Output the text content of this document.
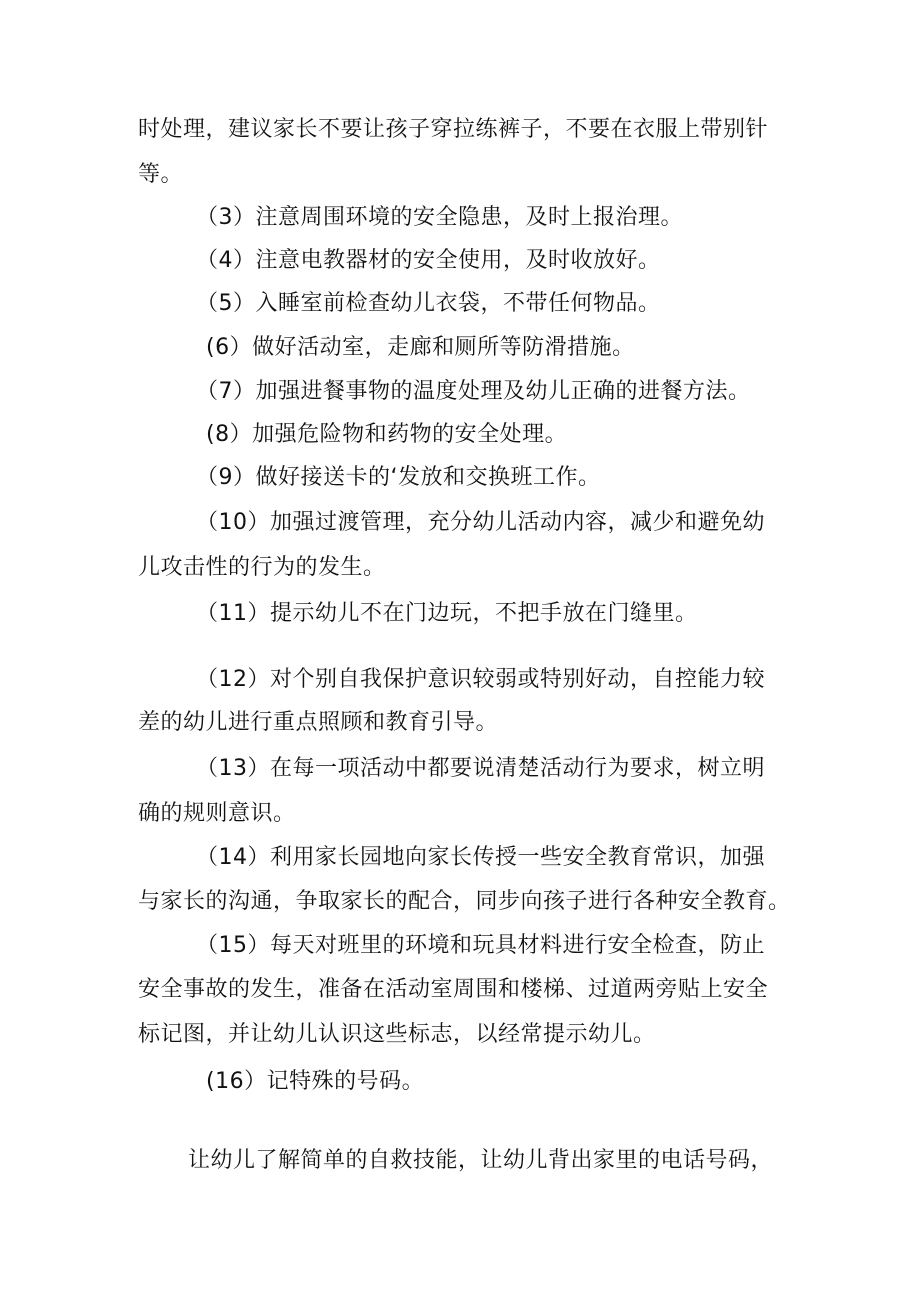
时处理，建议家长不要让孩子穿拉练裤子，不要在衣服上带别针

等。

（3）注意周围环境的安全隐患，及时上报治理。

（4）注意电教器材的安全使用，及时收放好。

（5）入睡室前检查幼儿衣袋，不带任何物品。

(6）做好活动室，走廊和厕所等防滑措施。

（7）加强进餐事物的温度处理及幼儿正确的进餐方法。

(8）加强危险物和药物的安全处理。

（9）做好接送卡的‘发放和交换班工作。

（10）加强过渡管理，充分幼儿活动内容，减少和避免幼

儿攻击性的行为的发生。

（11）提示幼儿不在门边玩，不把手放在门缝里。

（12）对个别自我保护意识较弱或特别好动，自控能力较

差的幼儿进行重点照顾和教育引导。

（13）在每一项活动中都要说清楚活动行为要求，树立明

确的规则意识。

（14）利用家长园地向家长传授一些安全教育常识，加强

与家长的沟通，争取家长的配合，同步向孩子进行各种安全教育。

（15）每天对班里的环境和玩具材料进行安全检查，防止

安全事故的发生，准备在活动室周围和楼梯、过道两旁贴上安全

标记图，并让幼儿认识这些标志，以经常提示幼儿。

(16）记特殊的号码。

让幼儿了解简单的自救技能，让幼儿背出家里的电话号码，
